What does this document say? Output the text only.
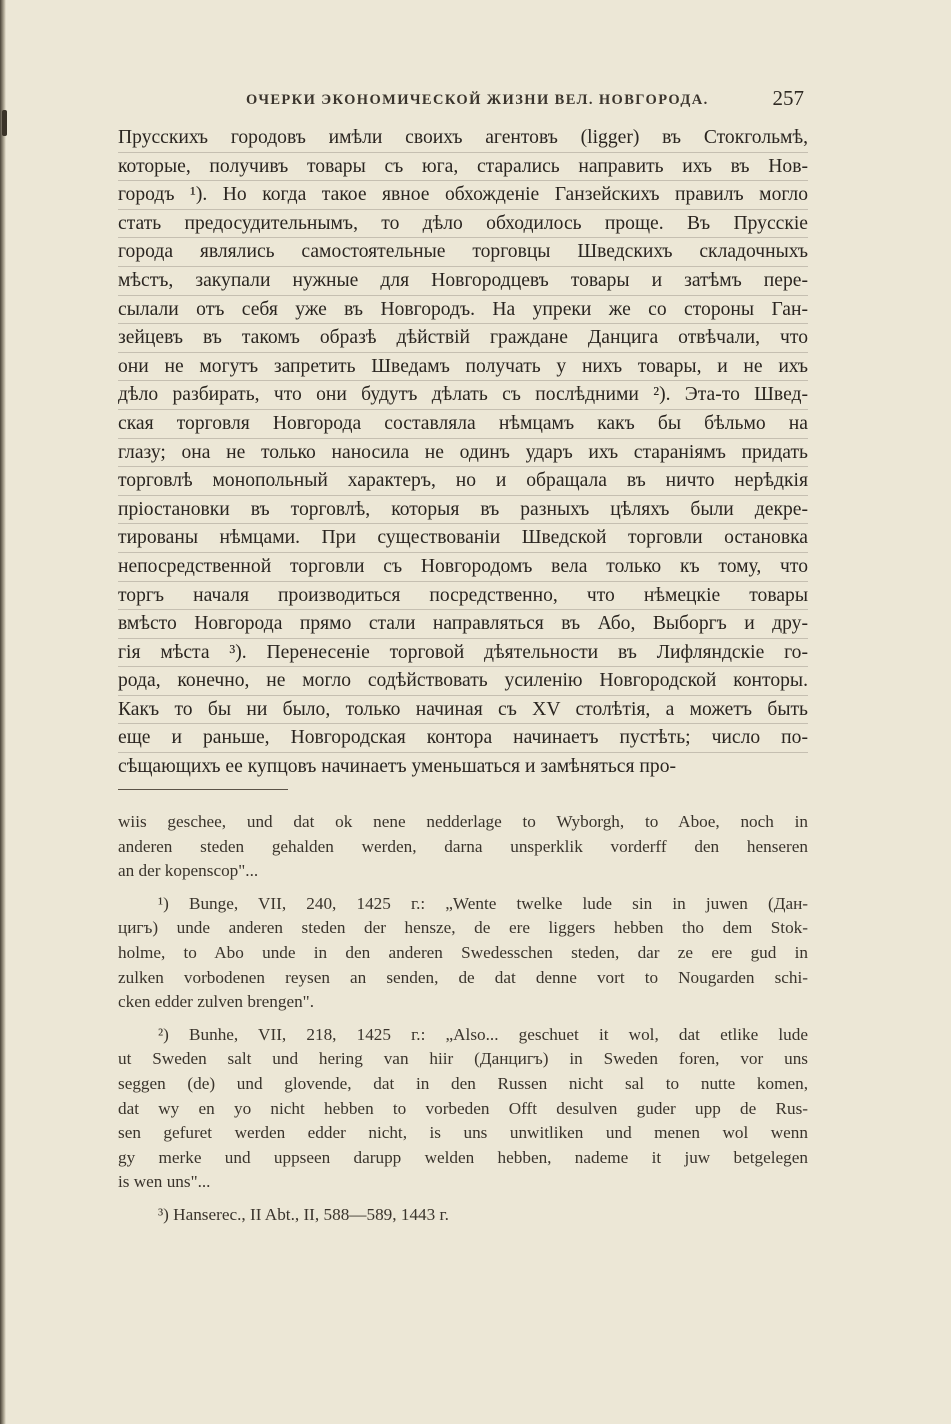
ОЧЕРКИ ЭКОНОМИЧЕСКОЙ ЖИЗНИ ВЕЛ. НОВГОРОДА.	257
Прусскихъ городовъ имѣли своихъ агентовъ (ligger) въ Стокгольмѣ,
которые, получивъ товары съ юга, старались направить ихъ въ Нов-
городъ ¹). Но когда такое явное обхожденіе Ганзейскихъ правилъ могло
стать предосудительнымъ, то дѣло обходилось проще. Въ Прусскіе
города являлись самостоятельные торговцы Шведскихъ складочныхъ
мѣстъ, закупали нужные для Новгородцевъ товары и затѣмъ пере-
сылали отъ себя уже въ Новгородъ. На упреки же со стороны Ган-
зейцевъ въ такомъ образѣ дѣйствій граждане Данцига отвѣчали, что
они не могутъ запретить Шведамъ получать у нихъ товары, и не ихъ
дѣло разбирать, что они будутъ дѣлать съ послѣдними ²). Эта-то Швед-
ская торговля Новгорода составляла нѣмцамъ какъ бы бѣльмо на
глазу; она не только наносила не одинъ ударъ ихъ стараніямъ придать
торговлѣ монопольный характеръ, но и обращала въ ничто нерѣдкія
пріостановки въ торговлѣ, которыя въ разныхъ цѣляхъ были декре-
тированы нѣмцами. При существованіи Шведской торговли остановка
непосредственной торговли съ Новгородомъ вела только къ тому, что
торгъ началя производиться посредственно, что нѣмецкіе товары
вмѣсто Новгорода прямо стали направляться въ Або, Выборгъ и дру-
гія мѣста ³). Перенесеніе торговой дѣятельности въ Лифляндскіе го-
рода, конечно, не могло содѣйствовать усиленію Новгородской конторы.
Какъ то бы ни было, только начиная съ XV столѣтія, а можетъ быть
еще и раньше, Новгородская контора начинаетъ пустѣть; число по-
сѣщающихъ ее купцовъ начинаетъ уменьшаться и замѣняться про-
wiis geschee, und dat ok nene nedderlage to Wyborgh, to Aboe, noch in
anderen steden gehalden werden, darna unsperklik vorderff den henseren
an der kopenscop"...
¹) Bunge, VII, 240, 1425 г.: „Wente twelke lude sin in juwen (Дан-
цигъ) unde anderen steden der hensze, de ere liggers hebben tho dem Stok-
holme, to Abo unde in den anderen Swedesschen steden, dar ze ere gud in
zulken vorbodenen reysen an senden, de dat denne vort to Nougarden schi-
cken edder zulven brengen".
²) Bunhe, VII, 218, 1425 г.: „Also... geschuet it wol, dat etlike lude
ut Sweden salt und hering van hiir (Данцигъ) in Sweden foren, vor uns
seggen (de) und glovende, dat in den Russen nicht sal to nutte komen,
dat wy en yo nicht hebben to vorbeden Offt desulven guder upp de Rus-
sen gefuret werden edder nicht, is uns unwitliken und menen wol wenn
gy merke und uppseen darupp welden hebben, nademe it juw betgelegen
is wen uns"...
³) Hanserec., II Abt., II, 588—589, 1443 г.
